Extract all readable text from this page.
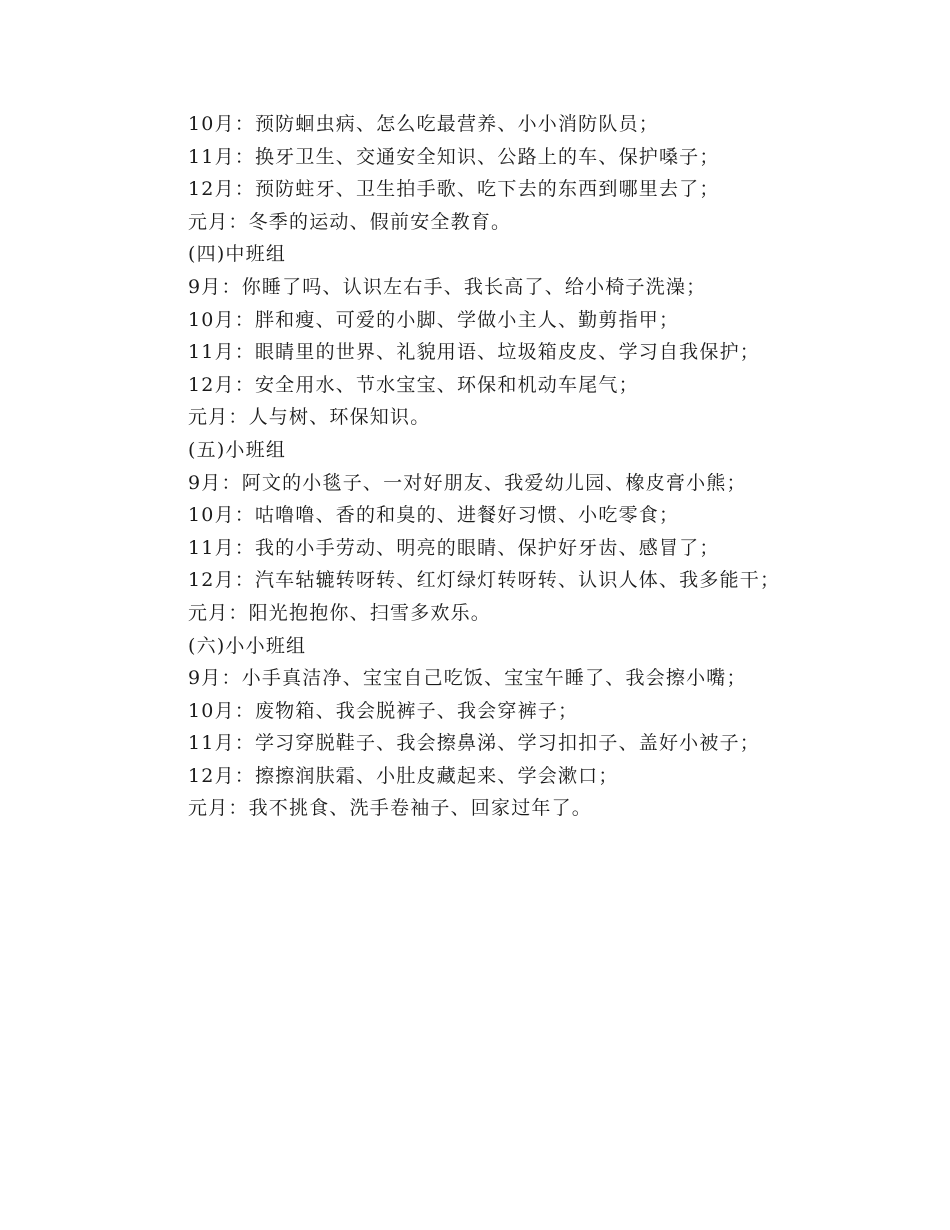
10月：预防蛔虫病、怎么吃最营养、小小消防队员；
11月：换牙卫生、交通安全知识、公路上的车、保护嗓子；
12月：预防蛀牙、卫生拍手歌、吃下去的东西到哪里去了；
元月：冬季的运动、假前安全教育。
(四)中班组
9月：你睡了吗、认识左右手、我长高了、给小椅子洗澡；
10月：胖和瘦、可爱的小脚、学做小主人、勤剪指甲；
11月：眼睛里的世界、礼貌用语、垃圾箱皮皮、学习自我保护；
12月：安全用水、节水宝宝、环保和机动车尾气；
元月：人与树、环保知识。
(五)小班组
9月：阿文的小毯子、一对好朋友、我爱幼儿园、橡皮膏小熊；
10月：咕噜噜、香的和臭的、进餐好习惯、小吃零食；
11月：我的小手劳动、明亮的眼睛、保护好牙齿、感冒了；
12月：汽车轱辘转呀转、红灯绿灯转呀转、认识人体、我多能干；
元月：阳光抱抱你、扫雪多欢乐。
(六)小小班组
9月：小手真洁净、宝宝自己吃饭、宝宝午睡了、我会擦小嘴；
10月：废物箱、我会脱裤子、我会穿裤子；
11月：学习穿脱鞋子、我会擦鼻涕、学习扣扣子、盖好小被子；
12月：擦擦润肤霜、小肚皮藏起来、学会漱口；
元月：我不挑食、洗手卷袖子、回家过年了。
